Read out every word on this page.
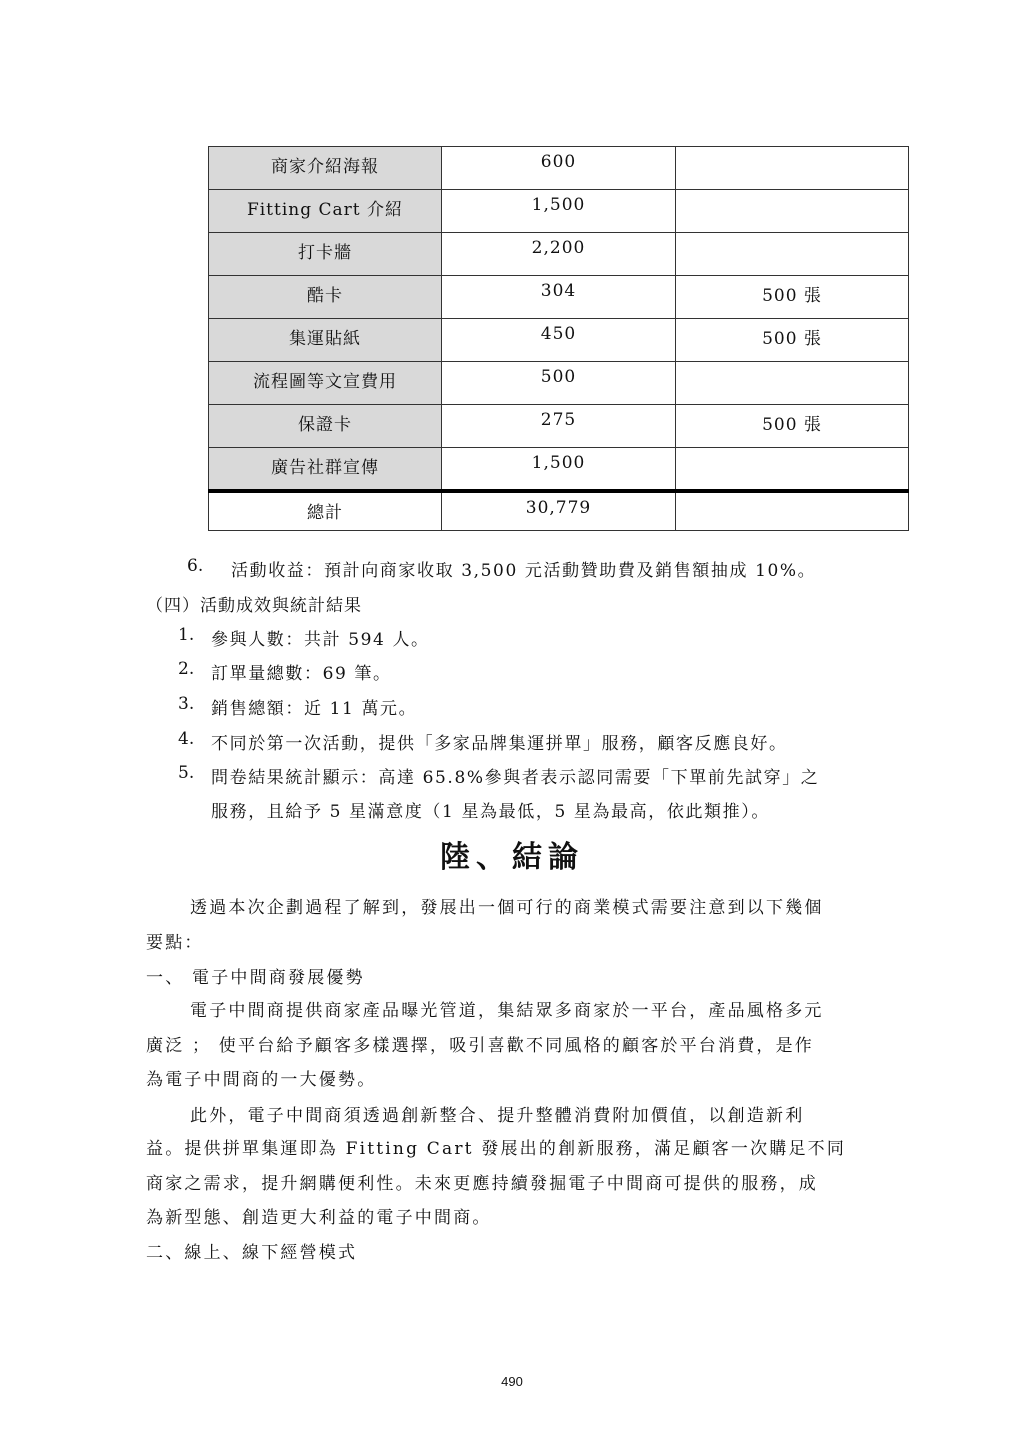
商家介紹海報	600	
Fitting Cart 介紹	1,500	
打卡牆	2,200	
酷卡	304	500 張
集運貼紙	450	500 張
流程圖等文宣費用	500	
保證卡	275	500 張
廣告社群宣傳	1,500	
總計	30,779	
6. 活動收益：預計向商家收取 3,500 元活動贊助費及銷售額抽成 10%。
（四）活動成效與統計結果
1. 參與人數：共計 594 人。
2. 訂單量總數：69 筆。
3. 銷售總額：近 11 萬元。
4. 不同於第一次活動，提供「多家品牌集運拼單」服務，顧客反應良好。
5. 問卷結果統計顯示：高達 65.8%參與者表示認同需要「下單前先試穿」之
服務，且給予 5 星滿意度（1 星為最低，5 星為最高，依此類推）。
陸、結論
透過本次企劃過程了解到，發展出一個可行的商業模式需要注意到以下幾個
要點：
一、 電子中間商發展優勢
電子中間商提供商家產品曝光管道，集結眾多商家於一平台，產品風格多元
廣泛 ； 使平台給予顧客多樣選擇，吸引喜歡不同風格的顧客於平台消費，是作
為電子中間商的一大優勢。
此外，電子中間商須透過創新整合、提升整體消費附加價值，以創造新利
益。提供拼單集運即為 Fitting Cart 發展出的創新服務，滿足顧客一次購足不同
商家之需求，提升網購便利性。未來更應持續發掘電子中間商可提供的服務，成
為新型態、創造更大利益的電子中間商。
二、線上、線下經營模式
490
